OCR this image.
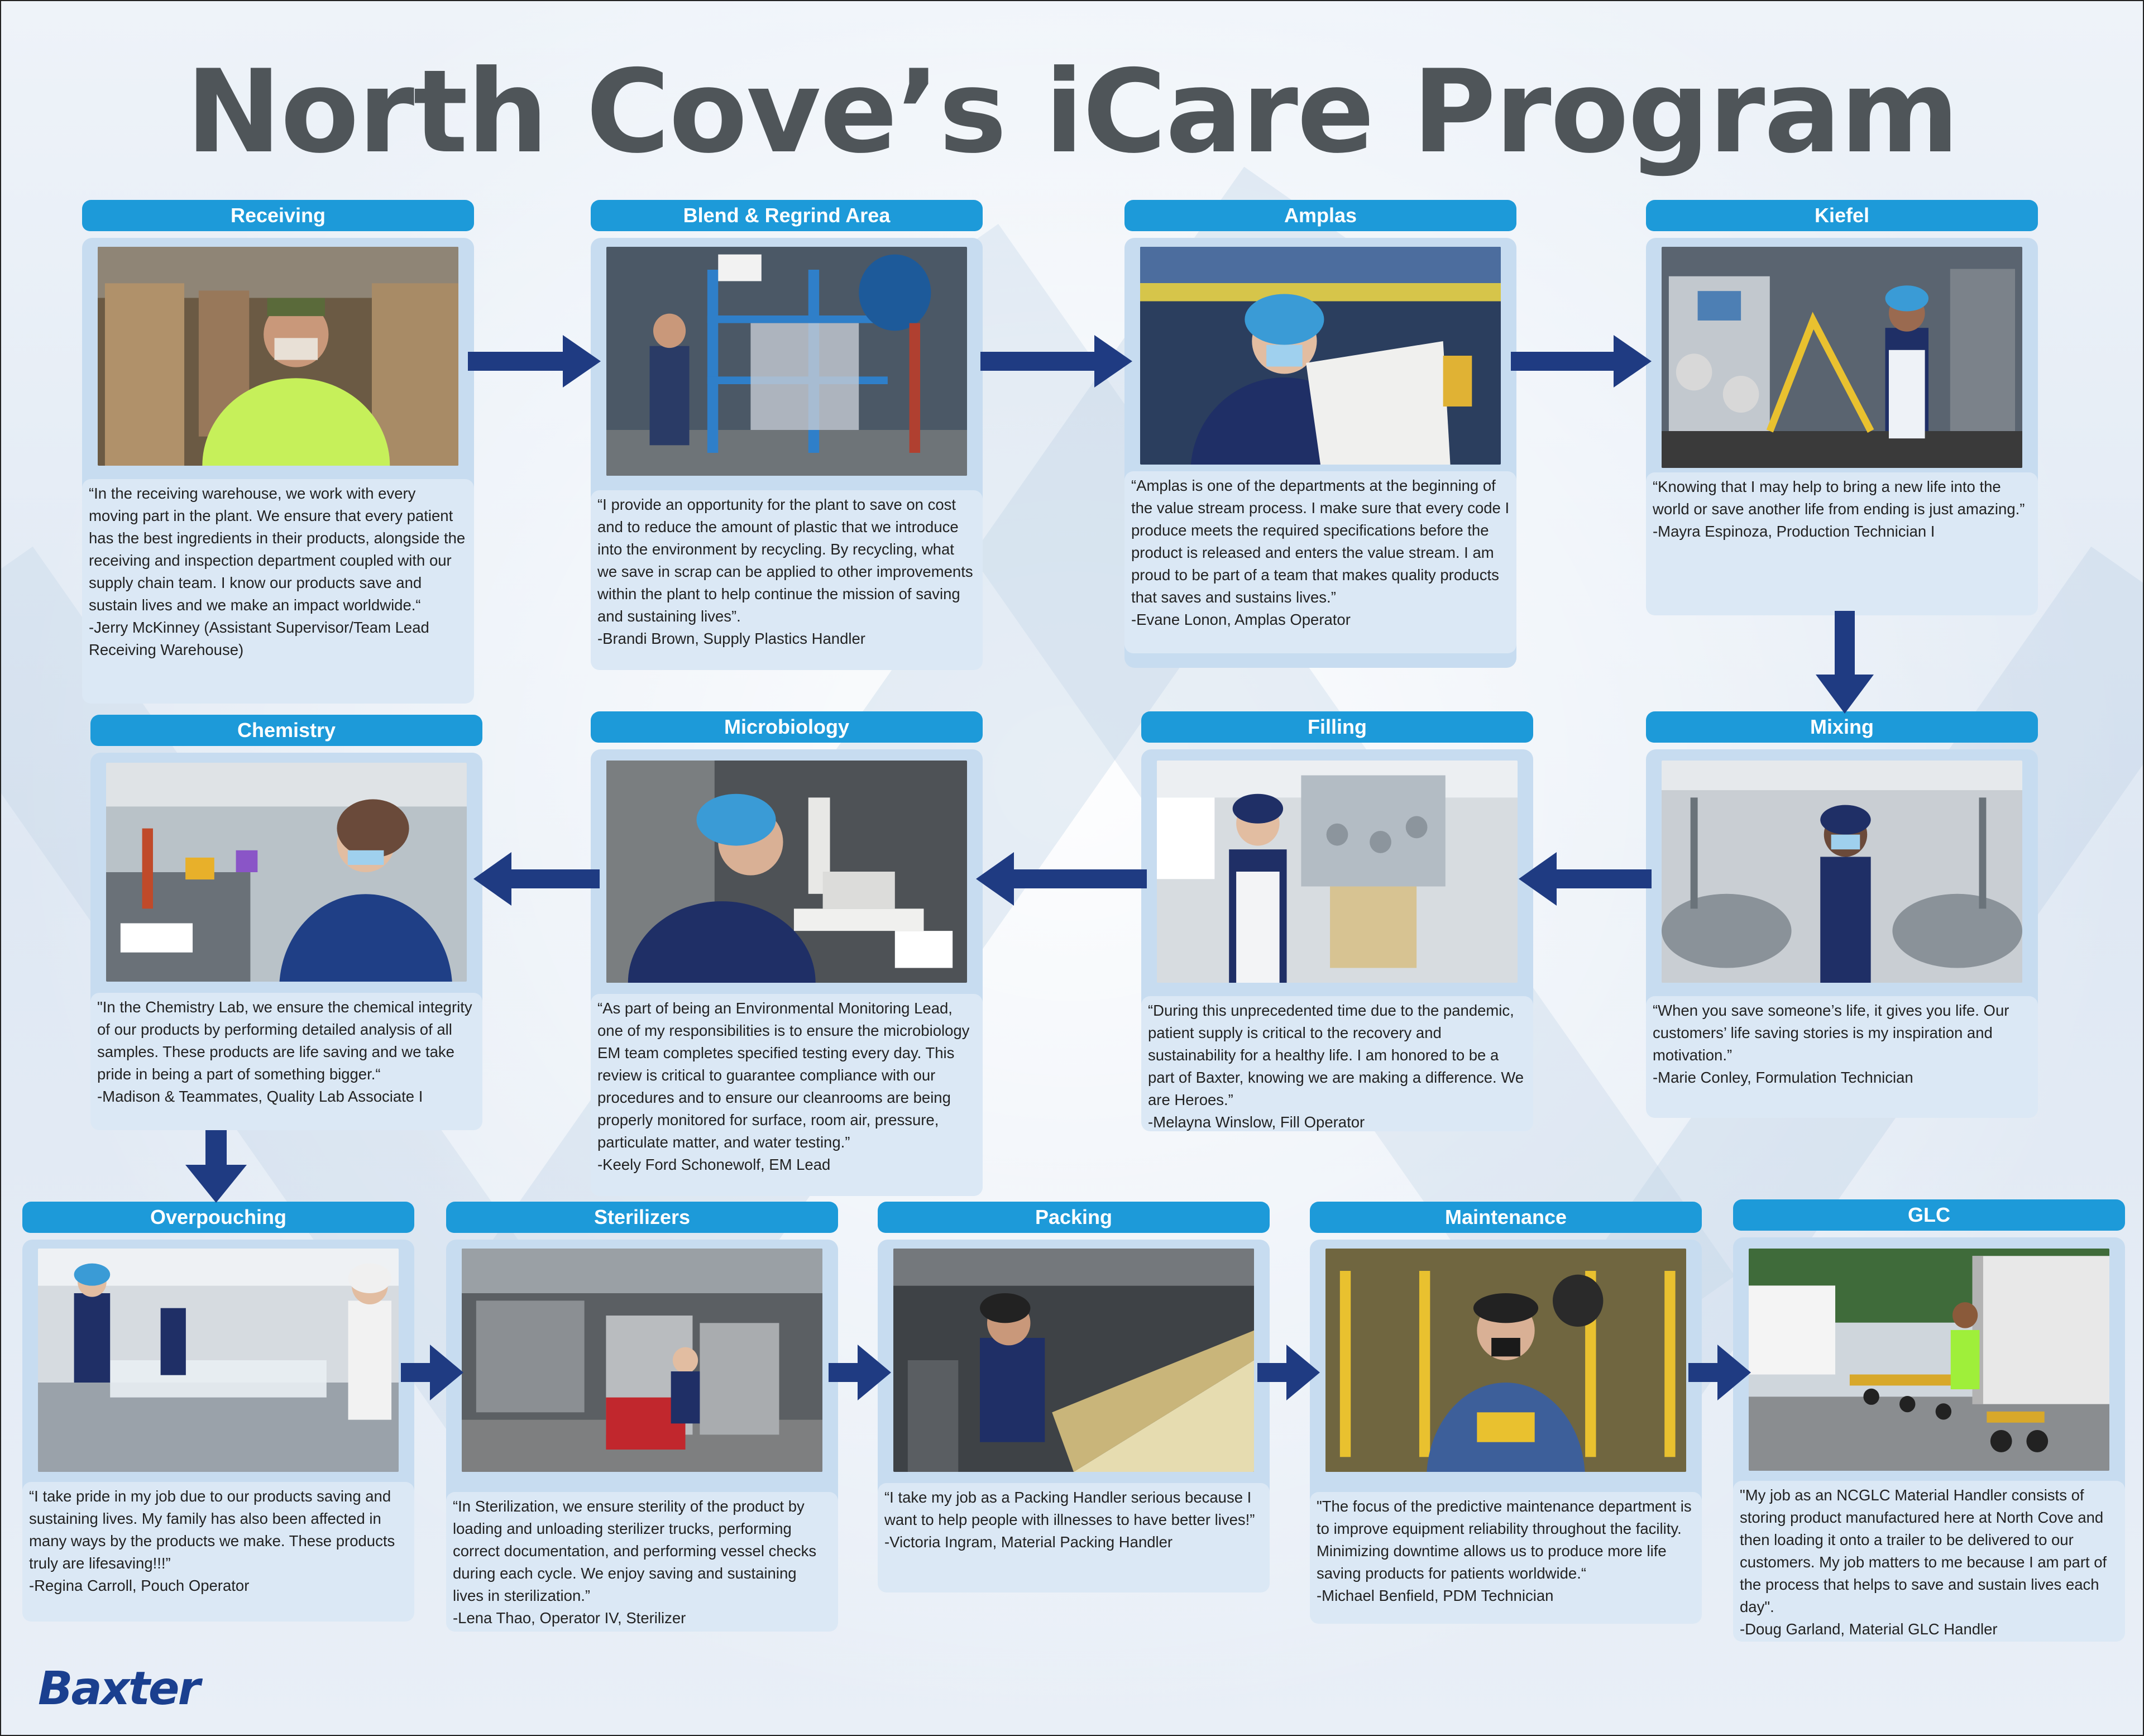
North Cove’s iCare Program
Receiving
“In the receiving warehouse, we work with every moving part in the plant. We ensure that every patient has the best ingredients in their products, alongside the receiving and inspection department coupled with our supply chain team. I know our products save and sustain lives and we make an impact worldwide.“
-Jerry McKinney (Assistant Supervisor/Team Lead Receiving Warehouse)
Blend & Regrind Area
“I provide an opportunity for the plant to save on cost and to reduce the amount of plastic that we introduce into the environment by recycling. By recycling, what we save in scrap can be applied to other improvements within the plant to help continue the mission of saving and sustaining lives”.
-Brandi Brown, Supply Plastics Handler
Amplas
“Amplas is one of the departments at the beginning of the value stream process. I make sure that every code I produce meets the required specifications before the product is released and enters the value stream. I am proud to be part of a team that makes quality products that saves and sustains lives.”
-Evane Lonon, Amplas Operator
Kiefel
“Knowing that I may help to bring a new life into the world or save another life from ending is just amazing.”
-Mayra Espinoza, Production Technician I
Mixing
“When you save someone’s life, it gives you life. Our customers’ life saving stories is my inspiration and motivation.”
-Marie Conley, Formulation Technician
Filling
“During this unprecedented time due to the pandemic, patient supply is critical to the recovery and sustainability for a healthy life. I am honored to be a part of Baxter, knowing we are making a difference. We are Heroes.”
-Melayna Winslow, Fill Operator
Microbiology
“As part of being an Environmental Monitoring Lead, one of my responsibilities is to ensure the microbiology EM team completes specified testing every day. This review is critical to guarantee compliance with our procedures and to ensure our cleanrooms are being properly monitored for surface, room air, pressure, particulate matter, and water testing.”
-Keely Ford Schonewolf, EM Lead
Chemistry
"In the Chemistry Lab, we ensure the chemical integrity of our products by performing detailed analysis of all samples. These products are life saving and we take pride in being a part of something bigger.“
-Madison & Teammates, Quality Lab Associate I
Overpouching
“I take pride in my job due to our products saving and sustaining lives. My family has also been affected in many ways by the products we make. These products truly are lifesaving!!!”
-Regina Carroll, Pouch Operator
Sterilizers
“In Sterilization, we ensure sterility of the product by loading and unloading sterilizer trucks, performing correct documentation, and performing vessel checks during each cycle. We enjoy saving and sustaining lives in sterilization.”
-Lena Thao, Operator IV, Sterilizer
Packing
“I take my job as a Packing Handler serious because I want to help people with illnesses to have better lives!”
-Victoria Ingram, Material Packing Handler
Maintenance
"The focus of the predictive maintenance department is to improve equipment reliability throughout the facility. Minimizing downtime allows us to produce more life saving products for patients worldwide.“
-Michael Benfield, PDM Technician
GLC
"My job as an NCGLC Material Handler consists of storing product manufactured here at North Cove and then loading it onto a trailer to be delivered to our customers. My job matters to me because I am part of the process that helps to save and sustain lives each day".
-Doug Garland, Material GLC Handler
Baxter
